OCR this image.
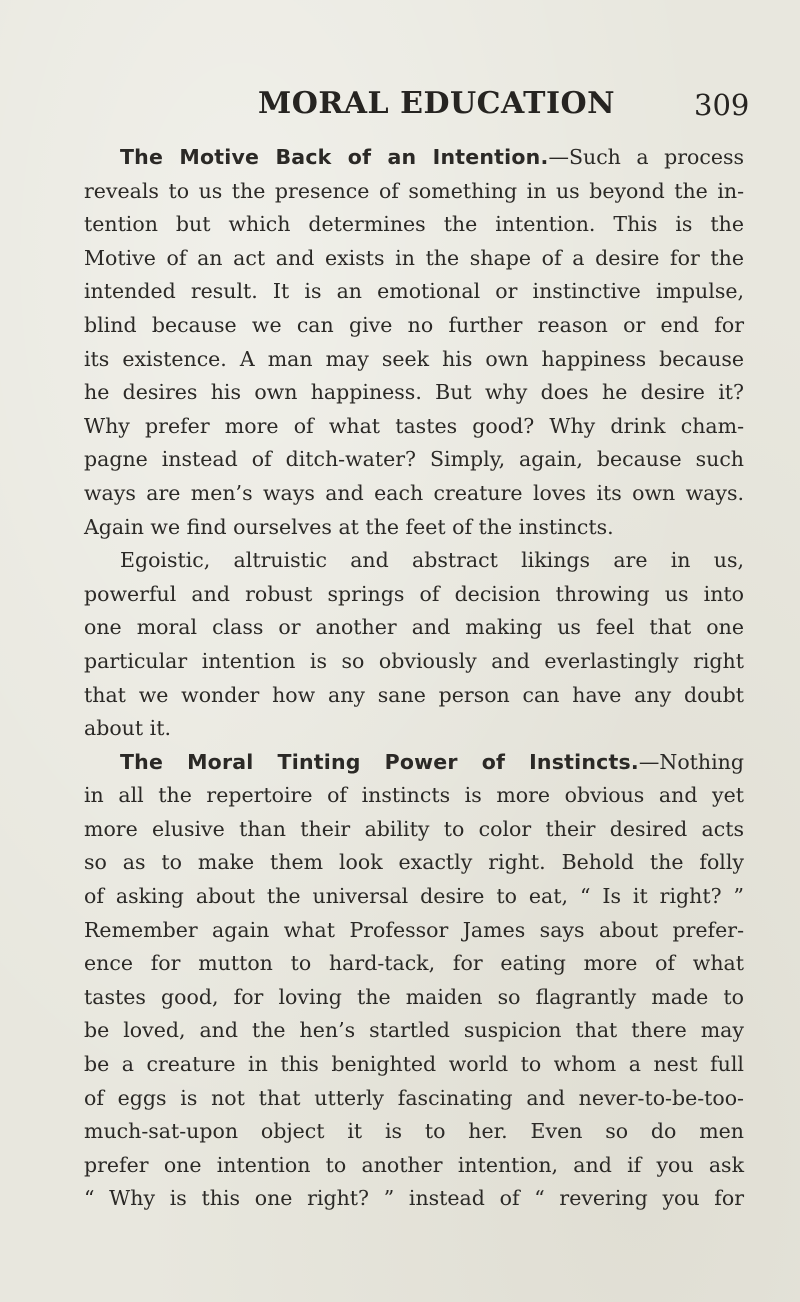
MORAL EDUCATION	309
The Motive Back of an Intention.—Such a process
reveals to us the presence of something in us beyond the in-
tention but which determines the intention. This is the
Motive of an act and exists in the shape of a desire for the
intended result. It is an emotional or instinctive impulse,
blind because we can give no further reason or end for
its existence. A man may seek his own happiness because
he desires his own happiness. But why does he desire it?
Why prefer more of what tastes good? Why drink cham-
pagne instead of ditch-water? Simply, again, because such
ways are men’s ways and each creature loves its own ways.
Again we find ourselves at the feet of the instincts.
Egoistic, altruistic and abstract likings are in us,
powerful and robust springs of decision throwing us into
one moral class or another and making us feel that one
particular intention is so obviously and everlastingly right
that we wonder how any sane person can have any doubt
about it.
The Moral Tinting Power of Instincts.—Nothing
in all the repertoire of instincts is more obvious and yet
more elusive than their ability to color their desired acts
so as to make them look exactly right. Behold the folly
of asking about the universal desire to eat, “ Is it right? ”
Remember again what Professor James says about prefer-
ence for mutton to hard-tack, for eating more of what
tastes good, for loving the maiden so flagrantly made to
be loved, and the hen’s startled suspicion that there may
be a creature in this benighted world to whom a nest full
of eggs is not that utterly fascinating and never-to-be-too-
much-sat-upon object it is to her. Even so do men
prefer one intention to another intention, and if you ask
“ Why is this one right? ” instead of “ revering you for
